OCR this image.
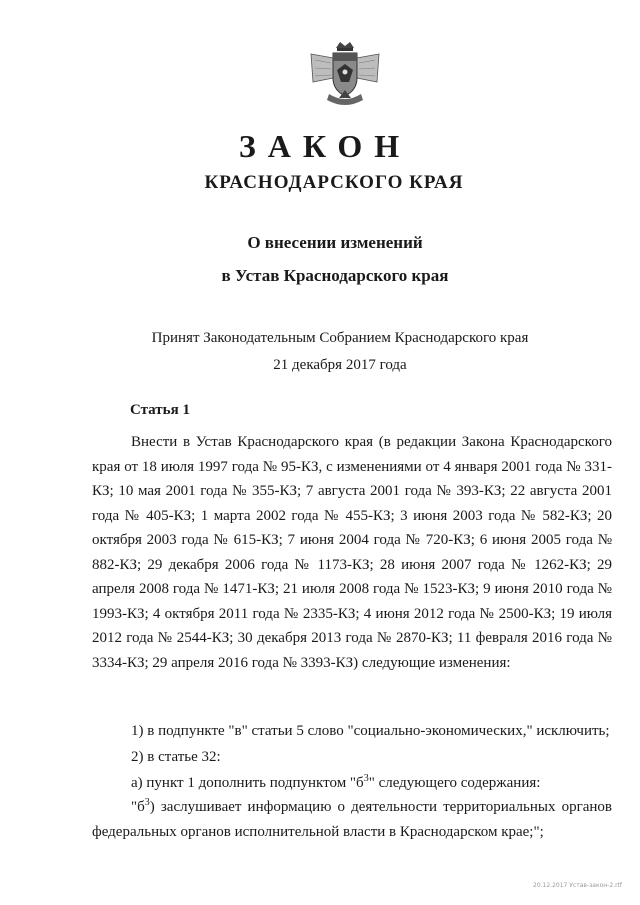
ЗАКОН
КРАСНОДАРСКОГО КРАЯ
О внесении изменений
в Устав Краснодарского края
Принят Законодательным Собранием Краснодарского края
21 декабря 2017 года
Статья 1
Внести в Устав Краснодарского края (в редакции Закона Краснодарского края от 18 июля 1997 года № 95-КЗ, с изменениями от 4 января 2001 года № 331-КЗ; 10 мая 2001 года № 355-КЗ; 7 августа 2001 года № 393-КЗ; 22 августа 2001 года № 405-КЗ; 1 марта 2002 года № 455-КЗ; 3 июня 2003 года № 582-КЗ; 20 октября 2003 года № 615-КЗ; 7 июня 2004 года № 720-КЗ; 6 июня 2005 года № 882-КЗ; 29 декабря 2006 года № 1173-КЗ; 28 июня 2007 года № 1262-КЗ; 29 апреля 2008 года № 1471-КЗ; 21 июля 2008 года № 1523-КЗ; 9 июня 2010 года № 1993-КЗ; 4 октября 2011 года № 2335-КЗ; 4 июня 2012 года № 2500-КЗ; 19 июля 2012 года № 2544-КЗ; 30 декабря 2013 года № 2870-КЗ; 11 февраля 2016 года № 3334-КЗ; 29 апреля 2016 года № 3393-КЗ) следующие изменения:
1) в подпункте "в" статьи 5 слово "социально-экономических," исключить;
2) в статье 32:
а) пункт 1 дополнить подпунктом "$б^3$" следующего содержания:
"$б^3$) заслушивает информацию о деятельности территориальных органов федеральных органов исполнительной власти в Краснодарском крае;";
20.12.2017 Устав-закон-2.rtf
